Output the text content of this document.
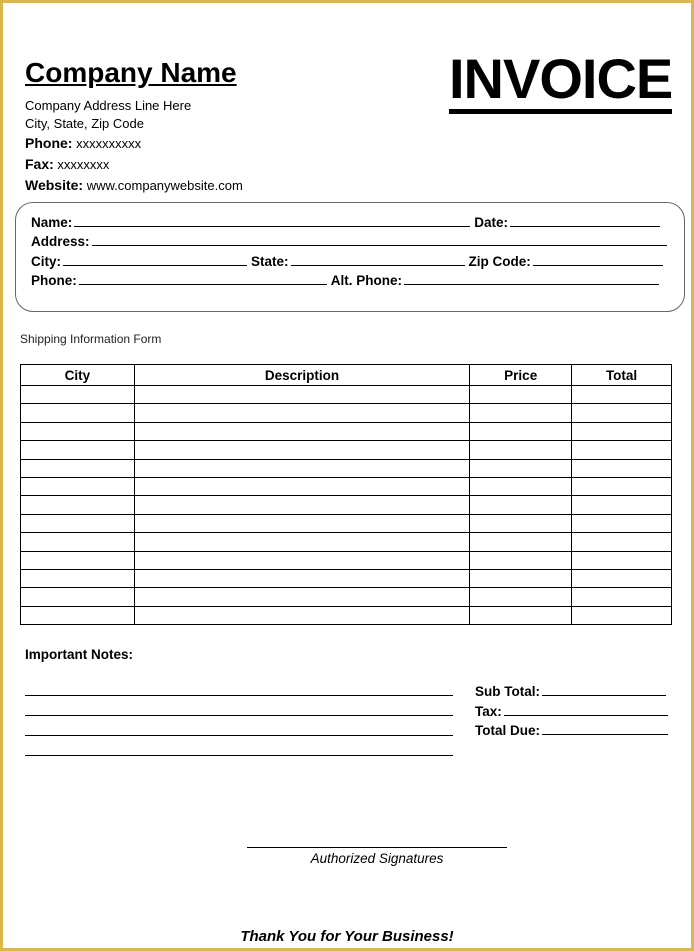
Company Name	INVOICE
Company Address Line Here
City, State, Zip Code
Phone: xxxxxxxxxx
Fax: xxxxxxxx
Website: www.companywebsite.com
Name:	Date:
Address:
City:	State:	Zip Code:
Phone:	Alt. Phone:
Shipping Information Form
City	Description	Price	Total

Important Notes:
Sub Total:
Tax:
Total Due:
Authorized Signatures
Thank You for Your Business!
